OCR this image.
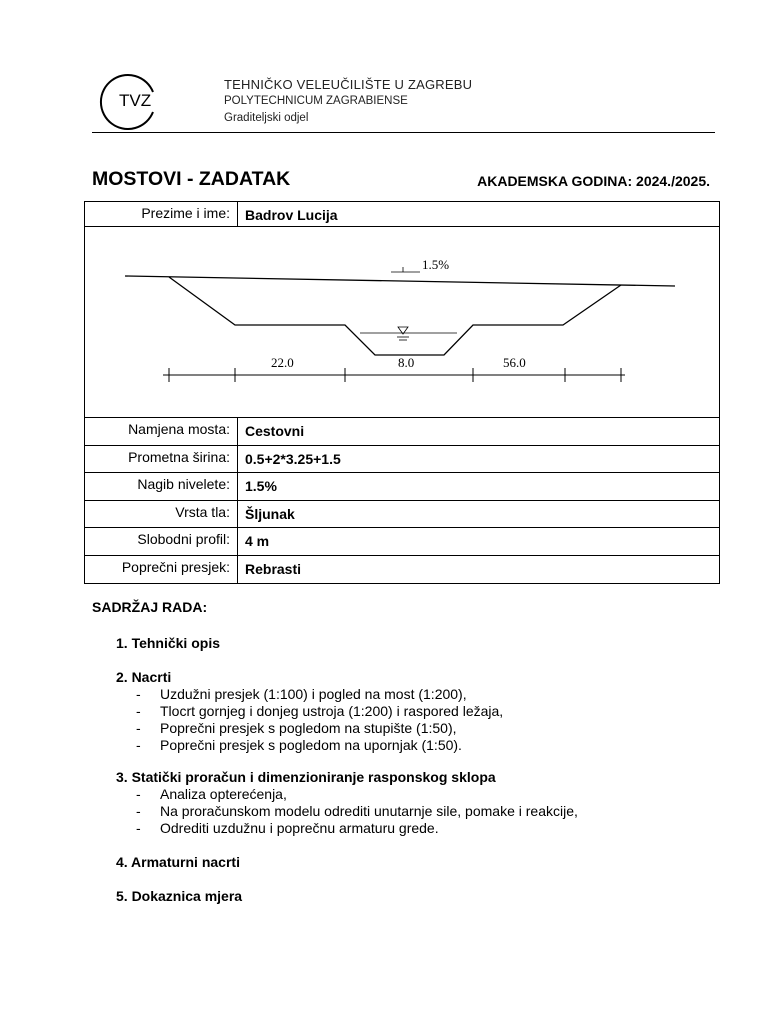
TVZ
TEHNIČKO VELEUČILIŠTE U ZAGREBU
POLYTECHNICUM ZAGRABIENSE
Graditeljski odjel
MOSTOVI - ZADATAK	AKADEMSKA GODINA: 2024./2025.
Prezime i ime:	Badrov Lucija
1.5%
22.0	8.0	56.0
Namjena mosta:	Cestovni
Prometna širina:	0.5+2*3.25+1.5
Nagib nivelete:	1.5%
Vrsta tla:	Šljunak
Slobodni profil:	4 m
Poprečni presjek:	Rebrasti
SADRŽAJ RADA:
1. Tehnički opis
2. Nacrti
- Uzdužni presjek (1:100) i pogled na most (1:200),
- Tlocrt gornjeg i donjeg ustroja (1:200) i raspored ležaja,
- Poprečni presjek s pogledom na stupište (1:50),
- Poprečni presjek s pogledom na upornjak (1:50).
3. Statički proračun i dimenzioniranje rasponskog sklopa
- Analiza opterećenja,
- Na proračunskom modelu odrediti unutarnje sile, pomake i reakcije,
- Odrediti uzdužnu i poprečnu armaturu grede.
4. Armaturni nacrti
5. Dokaznica mjera
